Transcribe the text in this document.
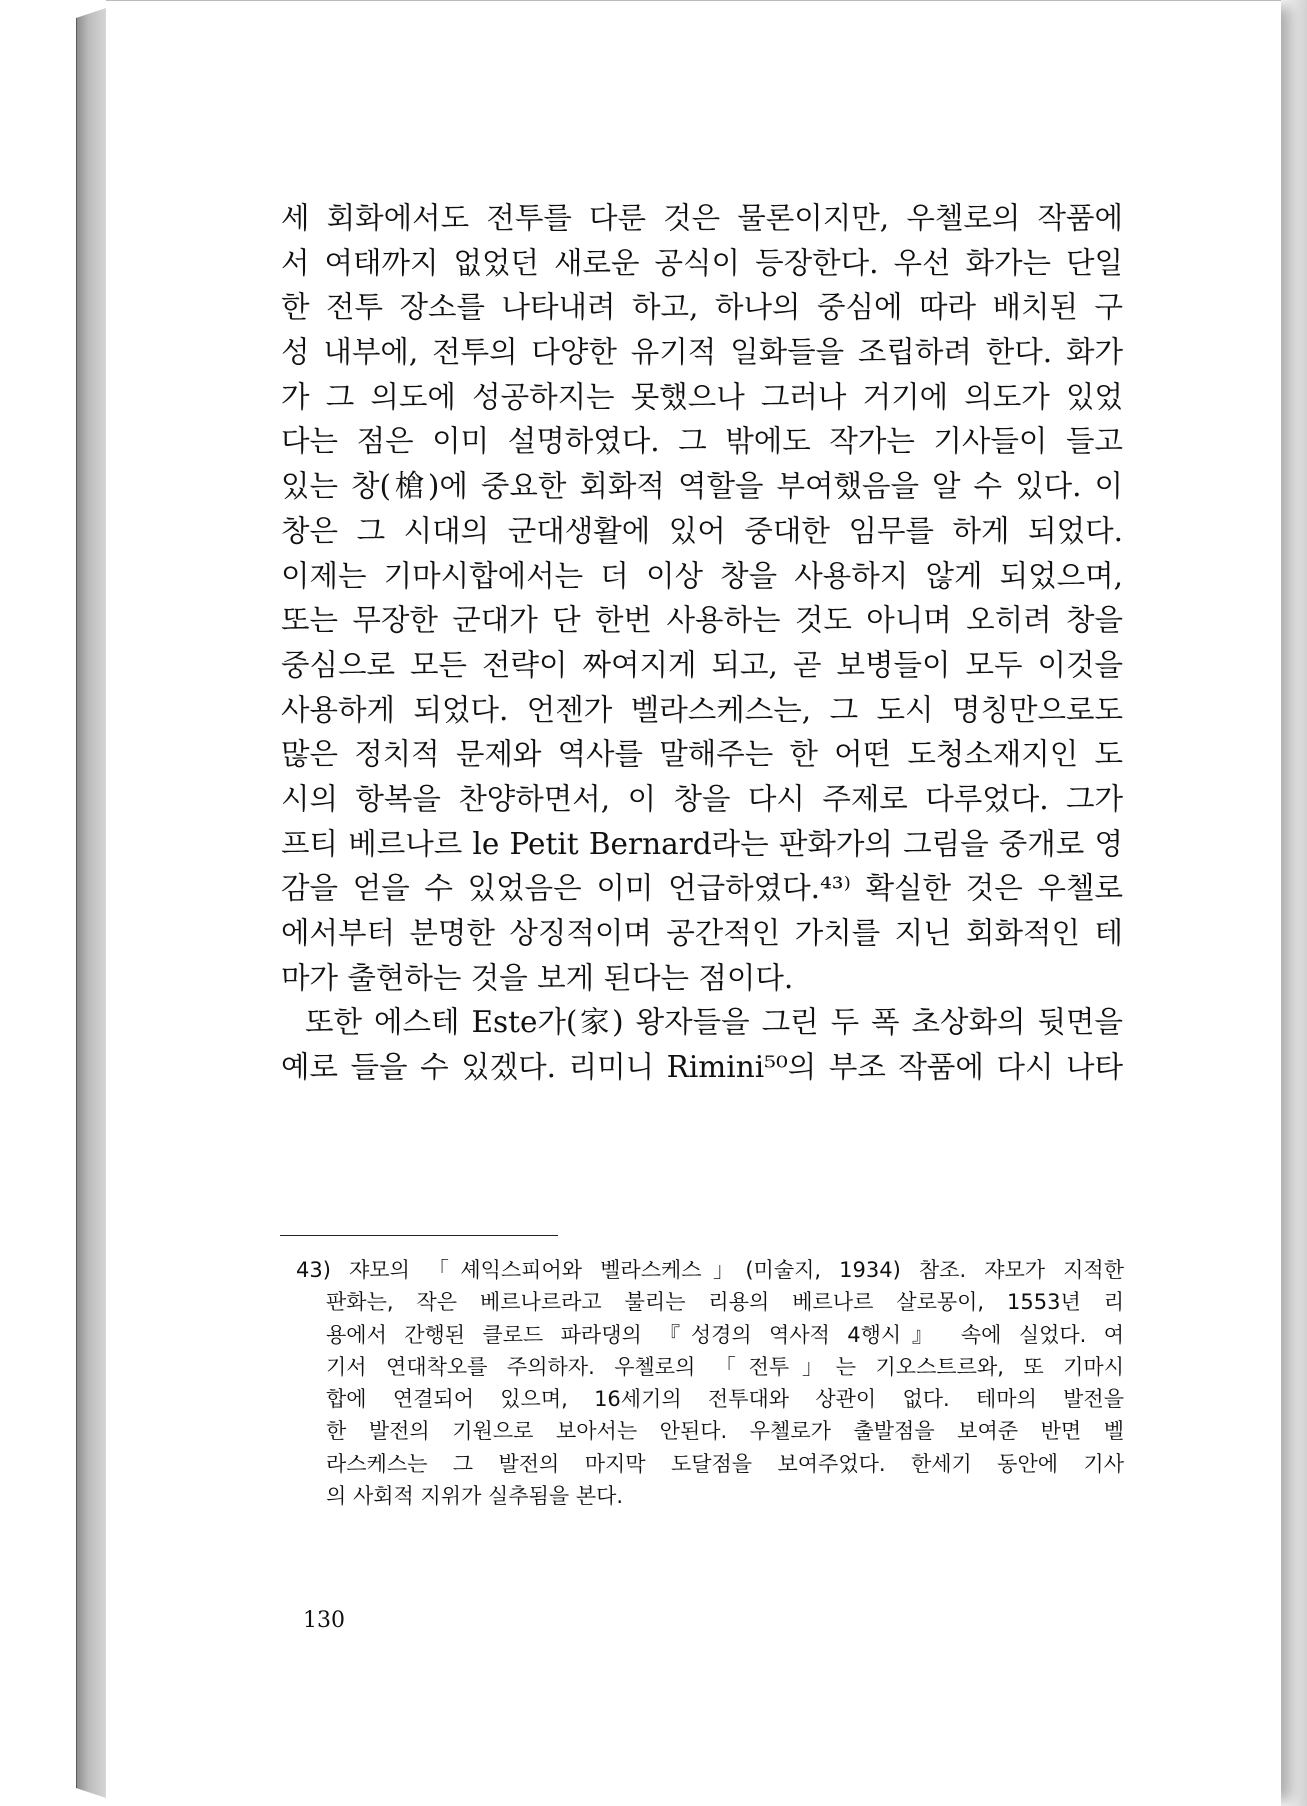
세 회화에서도 전투를 다룬 것은 물론이지만, 우첼로의 작품에
서 여태까지 없었던 새로운 공식이 등장한다. 우선 화가는 단일
한 전투 장소를 나타내려 하고, 하나의 중심에 따라 배치된 구
성 내부에, 전투의 다양한 유기적 일화들을 조립하려 한다. 화가
가 그 의도에 성공하지는 못했으나 그러나 거기에 의도가 있었
다는 점은 이미 설명하였다. 그 밖에도 작가는 기사들이 들고
있는 창(槍)에 중요한 회화적 역할을 부여했음을 알 수 있다. 이
창은 그 시대의 군대생활에 있어 중대한 임무를 하게 되었다.
이제는 기마시합에서는 더 이상 창을 사용하지 않게 되었으며,
또는 무장한 군대가 단 한번 사용하는 것도 아니며 오히려 창을
중심으로 모든 전략이 짜여지게 되고, 곧 보병들이 모두 이것을
사용하게 되었다. 언젠가 벨라스케스는, 그 도시 명칭만으로도
많은 정치적 문제와 역사를 말해주는 한 어떤 도청소재지인 도
시의 항복을 찬양하면서, 이 창을 다시 주제로 다루었다. 그가
프티 베르나르 le Petit Bernard라는 판화가의 그림을 중개로 영
감을 얻을 수 있었음은 이미 언급하였다.⁴³⁾ 확실한 것은 우첼로
에서부터 분명한 상징적이며 공간적인 가치를 지닌 회화적인 테
마가 출현하는 것을 보게 된다는 점이다.
또한 에스테 Este가(家) 왕자들을 그린 두 폭 초상화의 뒷면을
예로 들을 수 있겠다. 리미니 Rimini⁵⁰의 부조 작품에 다시 나타
43) 쟈모의 「셰익스피어와 벨라스케스」(미술지, 1934) 참조. 쟈모가 지적한
판화는, 작은 베르나르라고 불리는 리용의 베르나르 살로몽이, 1553년 리
용에서 간행된 클로드 파라댕의 『성경의 역사적 4행시』 속에 실었다. 여
기서 연대착오를 주의하자. 우첼로의 「전투」는 기오스트르와, 또 기마시
합에 연결되어 있으며, 16세기의 전투대와 상관이 없다. 테마의 발전을
한 발전의 기원으로 보아서는 안된다. 우첼로가 출발점을 보여준 반면 벨
라스케스는 그 발전의 마지막 도달점을 보여주었다. 한세기 동안에 기사
의 사회적 지위가 실추됨을 본다.
130
